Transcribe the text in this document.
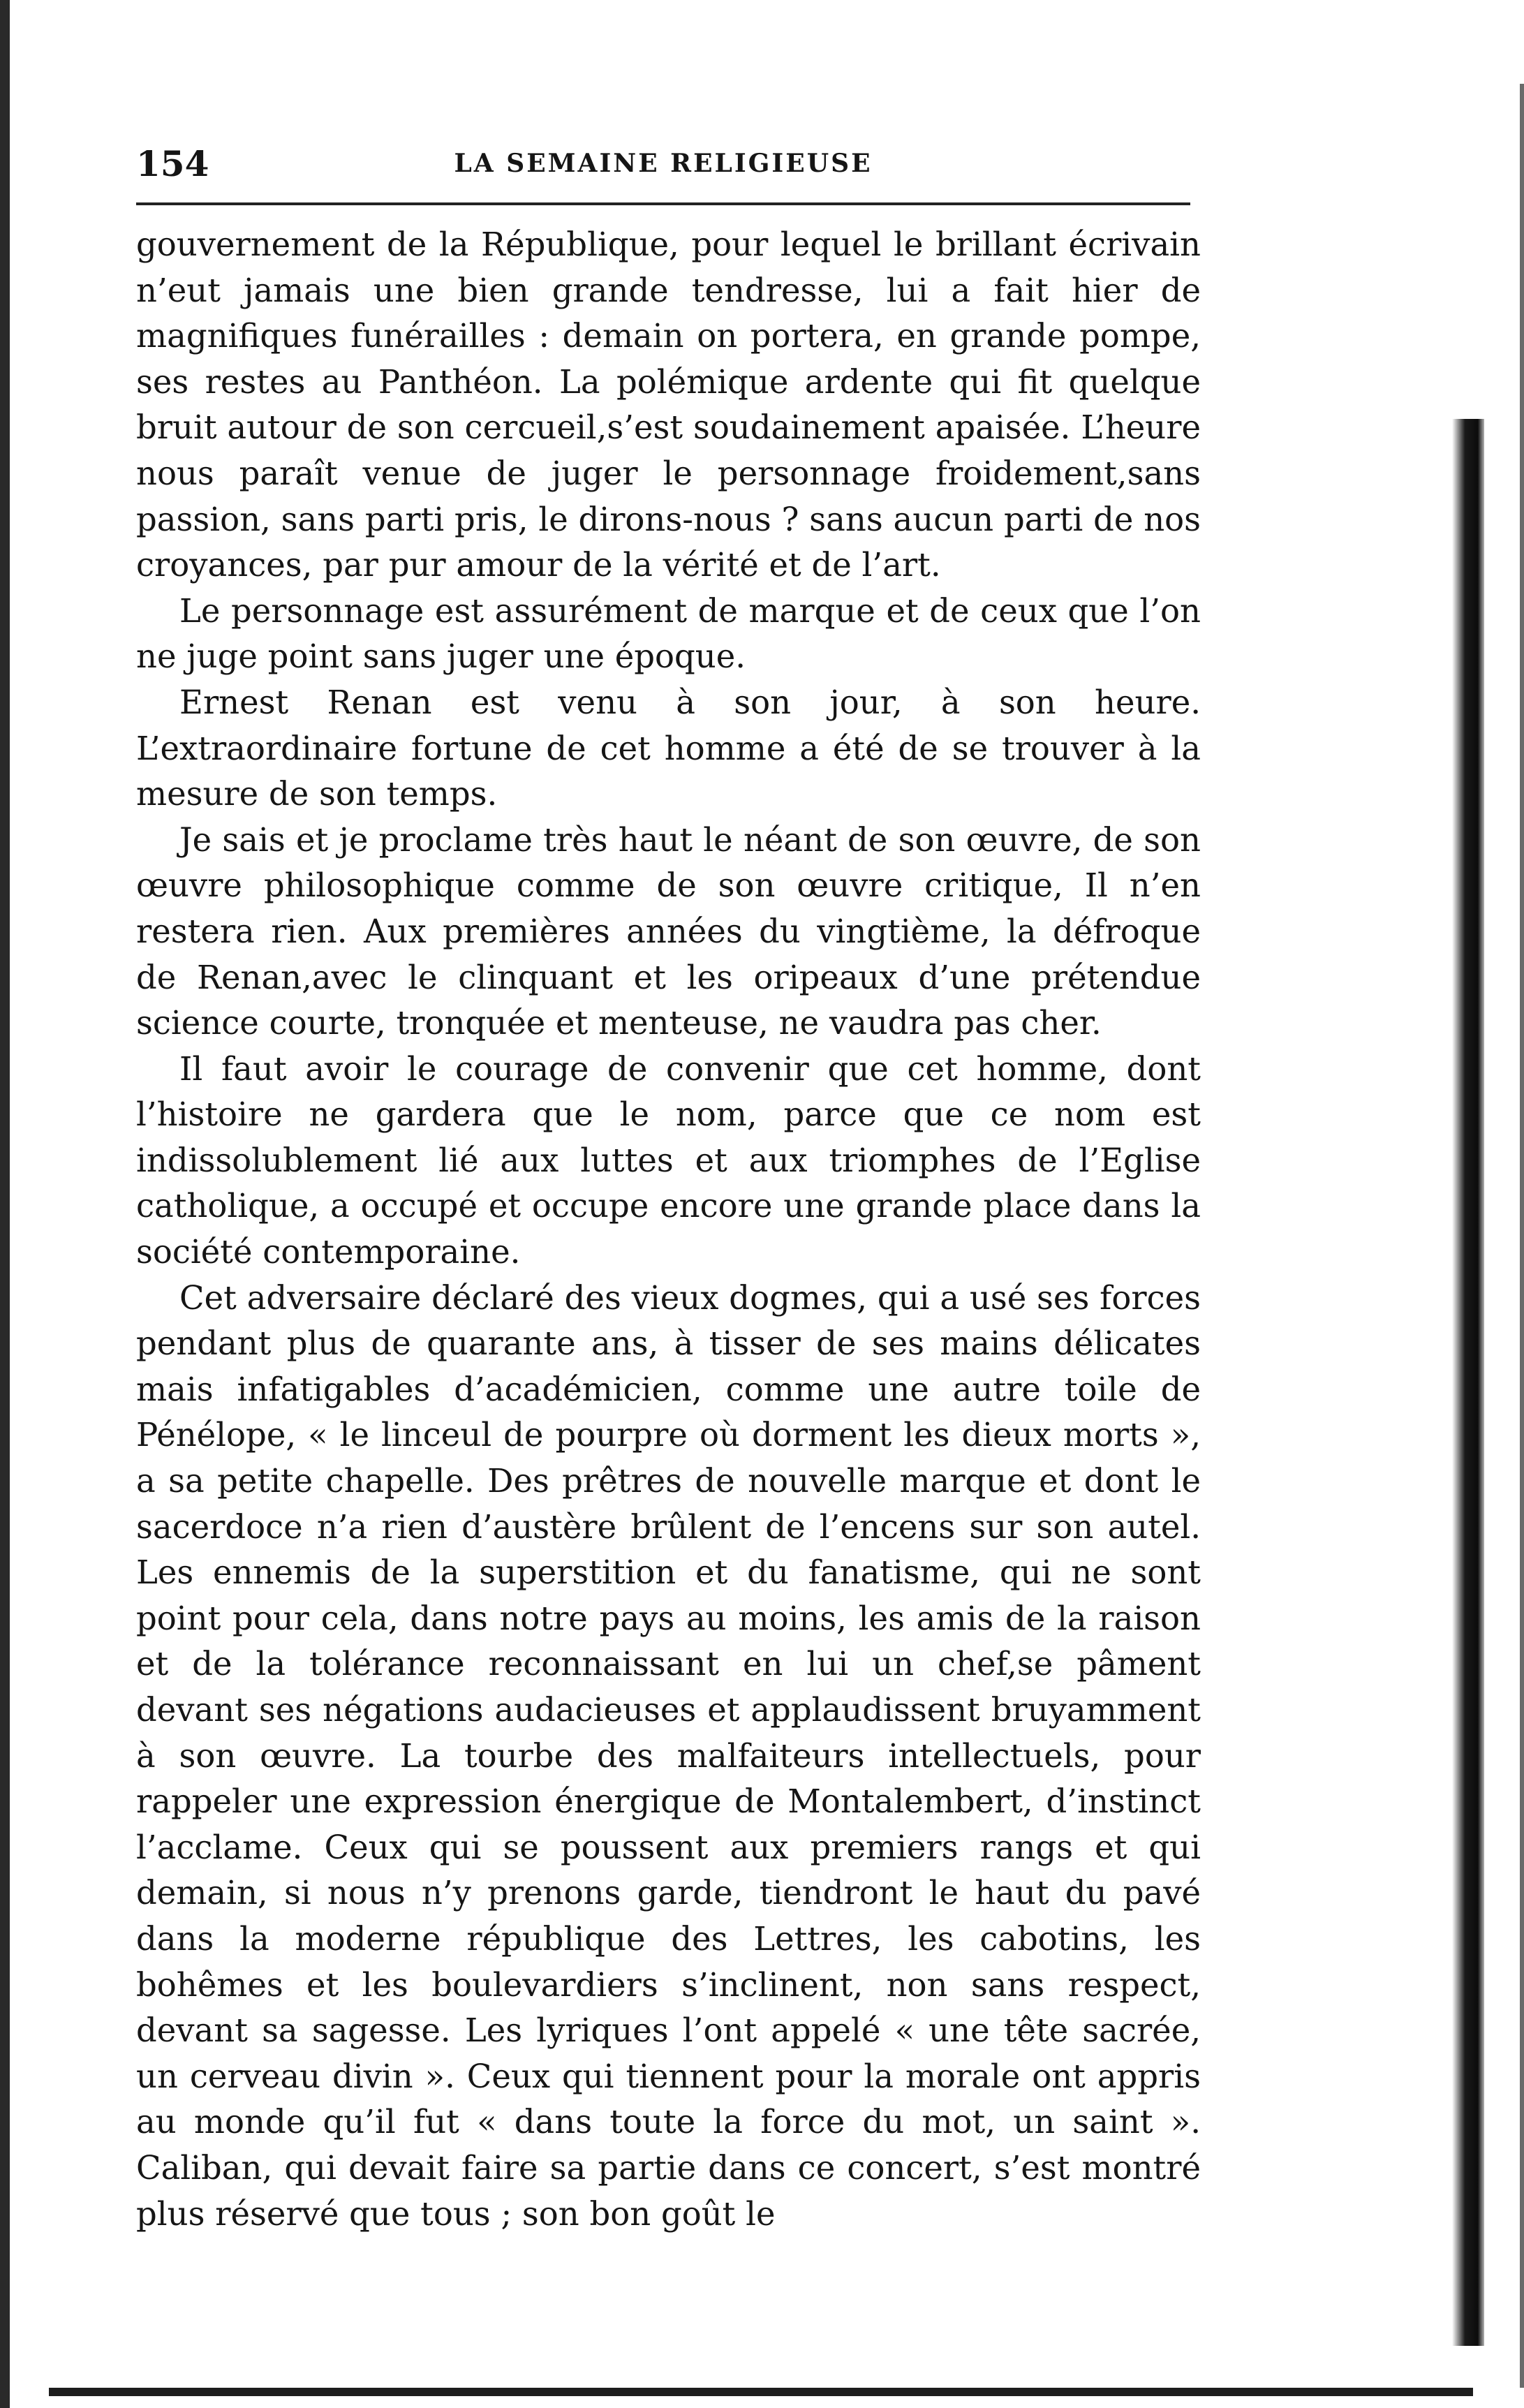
154	LA SEMAINE RELIGIEUSE

gouvernement de la République, pour lequel le brillant écrivain n’eut jamais une bien grande tendresse, lui a fait hier de magnifiques funérailles : demain on portera, en grande pompe, ses restes au Panthéon. La polémique ardente qui fit quelque bruit autour de son cercueil,s’est soudainement apaisée. L’heure nous paraît venue de juger le personnage froidement,sans passion, sans parti pris, le dirons-nous ? sans aucun parti de nos croyances, par pur amour de la vérité et de l’art.

Le personnage est assurément de marque et de ceux que l’on ne juge point sans juger une époque.

Ernest Renan est venu à son jour, à son heure. L’extraordinaire fortune de cet homme a été de se trouver à la mesure de son temps.

Je sais et je proclame très haut le néant de son œuvre, de son œuvre philosophique comme de son œuvre critique, Il n’en restera rien. Aux premières années du vingtième, la défroque de Renan,avec le clinquant et les oripeaux d’une prétendue science courte, tronquée et menteuse, ne vaudra pas cher.

Il faut avoir le courage de convenir que cet homme, dont l’histoire ne gardera que le nom, parce que ce nom est indissolublement lié aux luttes et aux triomphes de l’Eglise catholique, a occupé et occupe encore une grande place dans la société contemporaine.

Cet adversaire déclaré des vieux dogmes, qui a usé ses forces pendant plus de quarante ans, à tisser de ses mains délicates mais infatigables d’académicien, comme une autre toile de Pénélope, « le linceul de pourpre où dorment les dieux morts », a sa petite chapelle. Des prêtres de nouvelle marque et dont le sacerdoce n’a rien d’austère brûlent de l’encens sur son autel. Les ennemis de la superstition et du fanatisme, qui ne sont point pour cela, dans notre pays au moins, les amis de la raison et de la tolérance reconnaissant en lui un chef,se pâment devant ses négations audacieuses et applaudissent bruyamment à son œuvre. La tourbe des malfaiteurs intellectuels, pour rappeler une expression énergique de Montalembert, d’instinct l’acclame. Ceux qui se poussent aux premiers rangs et qui demain, si nous n’y prenons garde, tiendront le haut du pavé dans la moderne république des Lettres, les cabotins, les bohêmes et les boulevardiers s’inclinent, non sans respect, devant sa sagesse. Les lyriques l’ont appelé « une tête sacrée, un cerveau divin ». Ceux qui tiennent pour la morale ont appris au monde qu’il fut « dans toute la force du mot, un saint ». Caliban, qui devait faire sa partie dans ce concert, s’est montré plus réservé que tous ; son bon goût le
